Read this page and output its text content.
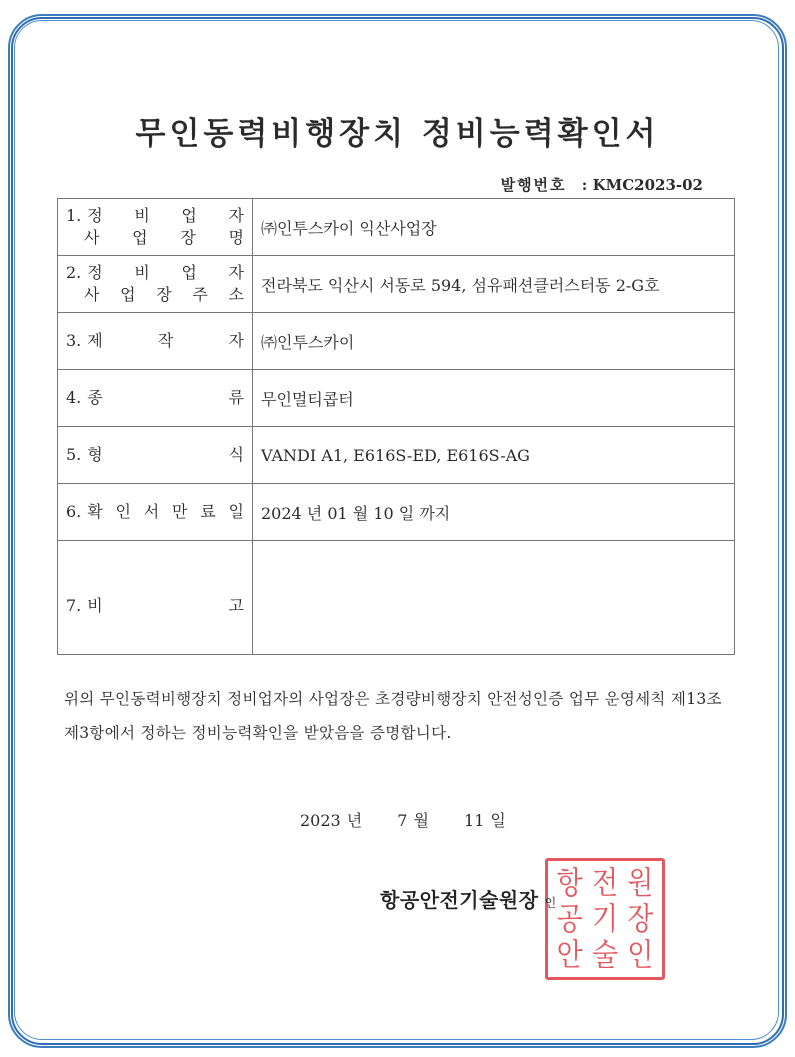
무인동력비행장치 정비능력확인서
발행번호 : KMC2023-02
1. 정 비 업 자
사 업 장 명	㈜인투스카이 익산사업장

2. 정 비 업 자
사 업 장 주 소	전라북도 익산시 서동로 594, 섬유패션클러스터동 2-G호

3. 제 작 자	㈜인투스카이

4. 종 류	무인멀티콥터

5. 형 식	VANDI A1, E616S-ED, E616S-AG

6. 확 인 서 만 료 일	2024 년 01 월 10 일 까지

7. 비 고	

위의 무인동력비행장치 정비업자의 사업장은 초경량비행장치 안전성인증 업무 운영세칙 제13조 제3항에서 정하는 정비능력확인을 받았음을 증명합니다.
2023 년 7 월 11 일
항 전 원
공 기 장
안 술 인
항공안전기술원장 인
